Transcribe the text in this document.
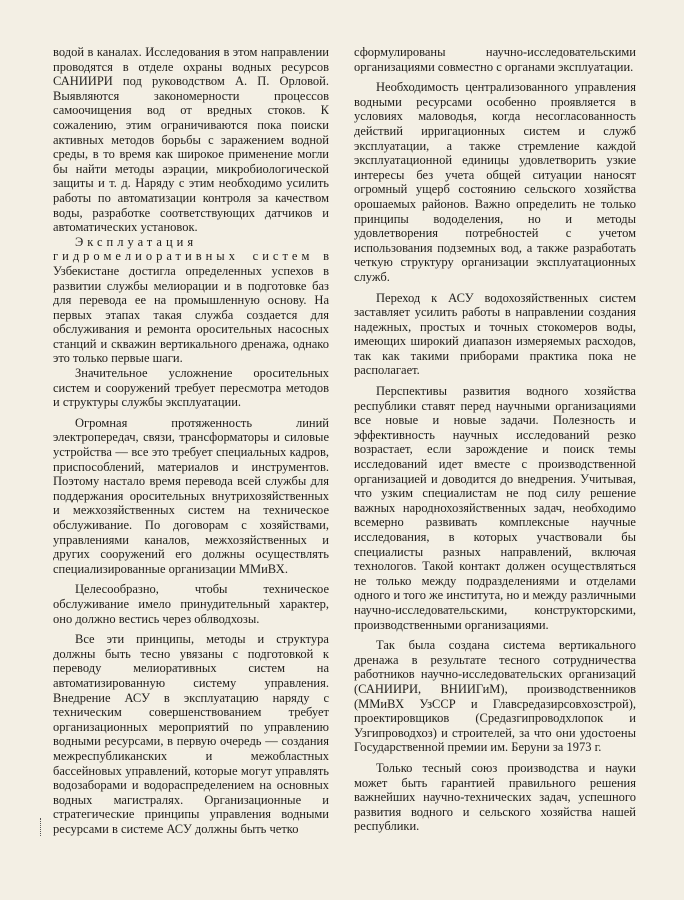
водой в каналах. Исследования в этом направлении проводятся в отделе охраны водных ресурсов САНИИРИ под руководством А. П. Орловой. Выявляются закономерности процессов самоочищения вод от вредных стоков. К сожалению, этим ограничиваются пока поиски активных методов борьбы с заражением водной среды, в то время как широкое применение могли бы найти методы аэрации, микробиологической защиты и т. д. Наряду с этим необходимо усилить работы по автоматизации контроля за качеством воды, разработке соответствующих датчиков и автоматических установок.

Эксплуатация гидромелиоративных систем в Узбекистане достигла определенных успехов в развитии службы мелиорации и в подготовке баз для перевода ее на промышленную основу. На первых этапах такая служба создается для обслуживания и ремонта оросительных насосных станций и скважин вертикального дренажа, однако это только первые шаги.

Значительное усложнение оросительных систем и сооружений требует пересмотра методов и структуры службы эксплуатации.

Огромная протяженность линий электропередач, связи, трансформаторы и силовые устройства — все это требует специальных кадров, приспособлений, материалов и инструментов. Поэтому настало время перевода всей службы для поддержания оросительных внутрихозяйственных и межхозяйственных систем на техническое обслуживание. По договорам с хозяйствами, управлениями каналов, межхозяйственных и других сооружений его должны осуществлять специализированные организации ММиВХ.

Целесообразно, чтобы техническое обслуживание имело принудительный характер, оно должно вестись через облводхозы.

Все эти принципы, методы и структура должны быть тесно увязаны с подготовкой к переводу мелиоративных систем на автоматизированную систему управления. Внедрение АСУ в эксплуатацию наряду с техническим совершенствованием требует организационных мероприятий по управлению водными ресурсами, в первую очередь — создания межреспубликанских и межобластных бассейновых управлений, которые могут управлять водозаборами и водораспределением на основных водных магистралях. Организационные и стратегические принципы управления водными ресурсами в системе АСУ должны быть четко

сформулированы научно-исследовательскими организациями совместно с органами эксплуатации.

Необходимость централизованного управления водными ресурсами особенно проявляется в условиях маловодья, когда несогласованность действий ирригационных систем и служб эксплуатации, а также стремление каждой эксплуатационной единицы удовлетворить узкие интересы без учета общей ситуации наносят огромный ущерб состоянию сельского хозяйства орошаемых районов. Важно определить не только принципы вододеления, но и методы удовлетворения потребностей с учетом использования подземных вод, а также разработать четкую структуру организации эксплуатационных служб.

Переход к АСУ водохозяйственных систем заставляет усилить работы в направлении создания надежных, простых и точных стокомеров воды, имеющих широкий диапазон измеряемых расходов, так как такими приборами практика пока не располагает.

Перспективы развития водного хозяйства республики ставят перед научными организациями все новые и новые задачи. Полезность и эффективность научных исследований резко возрастает, если зарождение и поиск темы исследований идет вместе с производственной организацией и доводится до внедрения. Учитывая, что узким специалистам не под силу решение важных народнохозяйственных задач, необходимо всемерно развивать комплексные научные исследования, в которых участвовали бы специалисты разных направлений, включая технологов. Такой контакт должен осуществляться не только между подразделениями и отделами одного и того же института, но и между различными научно-исследовательскими, конструкторскими, производственными организациями.

Так была создана система вертикального дренажа в результате тесного сотрудничества работников научно-исследовательских организаций (САНИИРИ, ВНИИГиМ), производственников (ММиВХ УзССР и Главсредазирсовхозстрой), проектировщиков (Средазгипроводхлопок и Узгипроводхоз) и строителей, за что они удостоены Государственной премии им. Беруни за 1973 г.

Только тесный союз производства и науки может быть гарантией правильного решения важнейших научно-технических задач, успешного развития водного и сельского хозяйства нашей республики.
